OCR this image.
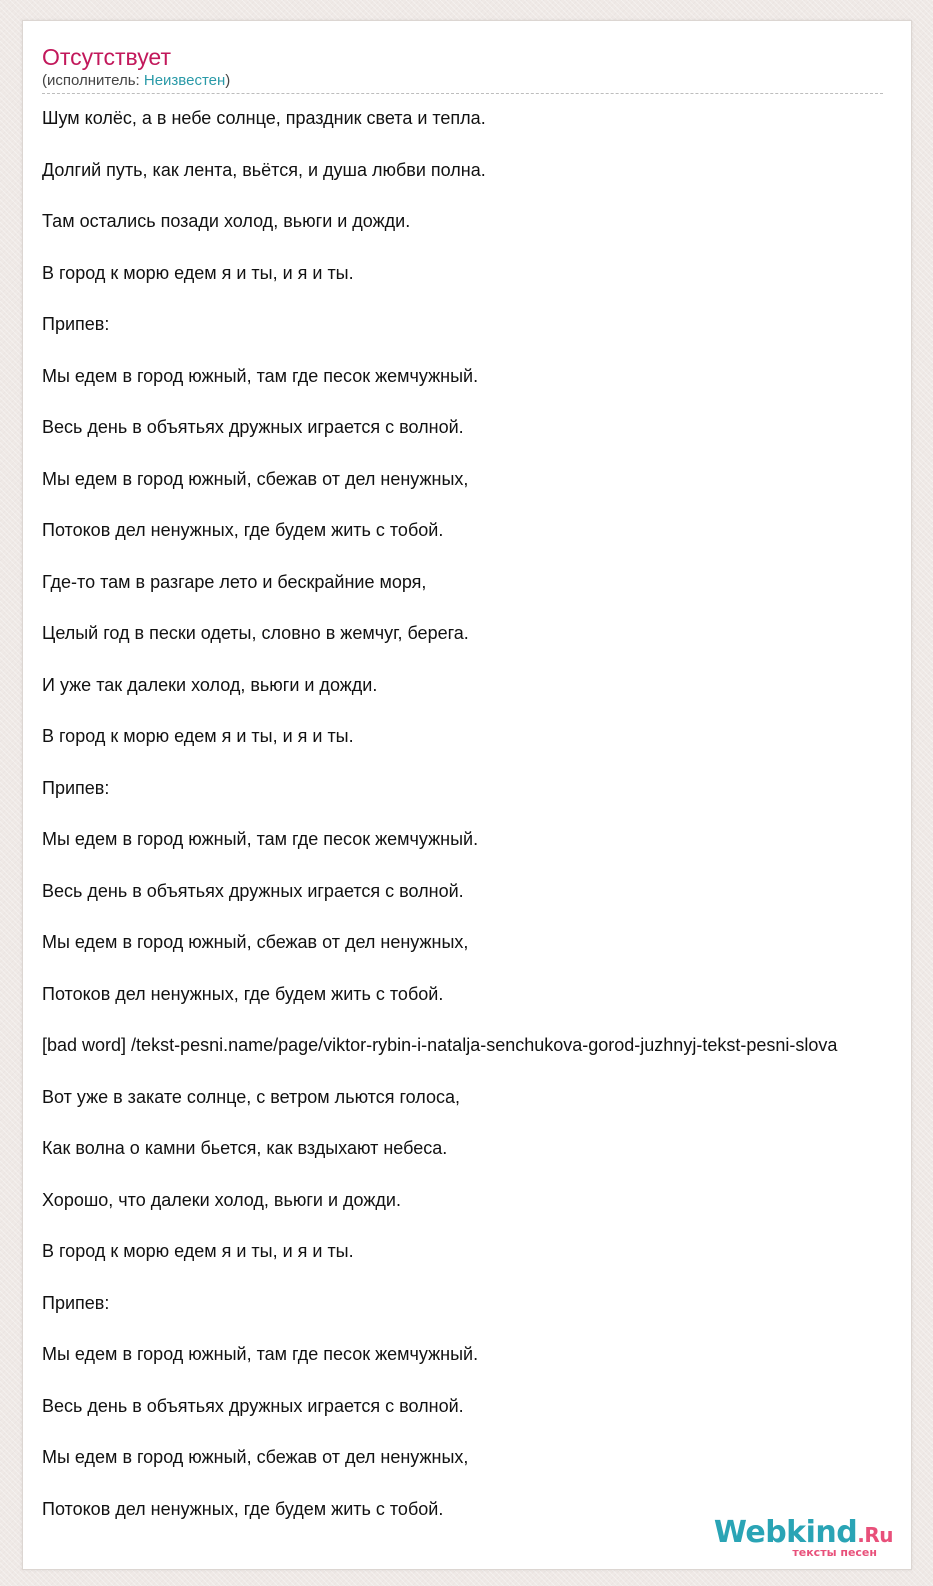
Отсутствует
(исполнитель: Неизвестен)
Шум колёс, а в небе солнце, праздник света и тепла.
Долгий путь, как лента, вьётся, и душа любви полна.
Там остались позади холод, вьюги и дожди.
В город к морю едем я и ты, и я и ты.
Припев:
Мы едем в город южный, там где песок жемчужный.
Весь день в объятьях дружных играется с волной.
Мы едем в город южный, сбежав от дел ненужных,
Потоков дел ненужных, где будем жить с тобой.
Где-то там в разгаре лето и бескрайние моря,
Целый год в пески одеты, словно в жемчуг, берега.
И уже так далеки холод, вьюги и дожди.
В город к морю едем я и ты, и я и ты.
Припев:
Мы едем в город южный, там где песок жемчужный.
Весь день в объятьях дружных играется с волной.
Мы едем в город южный, сбежав от дел ненужных,
Потоков дел ненужных, где будем жить с тобой.
[bad word] /tekst-pesni.name/page/viktor-rybin-i-natalja-senchukova-gorod-juzhnyj-tekst-pesni-slova
Вот уже в закате солнце, с ветром льются голоса,
Как волна о камни бьется, как вздыхают небеса.
Хорошо, что далеки холод, вьюги и дожди.
В город к морю едем я и ты, и я и ты.
Припев:
Мы едем в город южный, там где песок жемчужный.
Весь день в объятьях дружных играется с волной.
Мы едем в город южный, сбежав от дел ненужных,
Потоков дел ненужных, где будем жить с тобой.
Webkind.Ru
тексты песен
